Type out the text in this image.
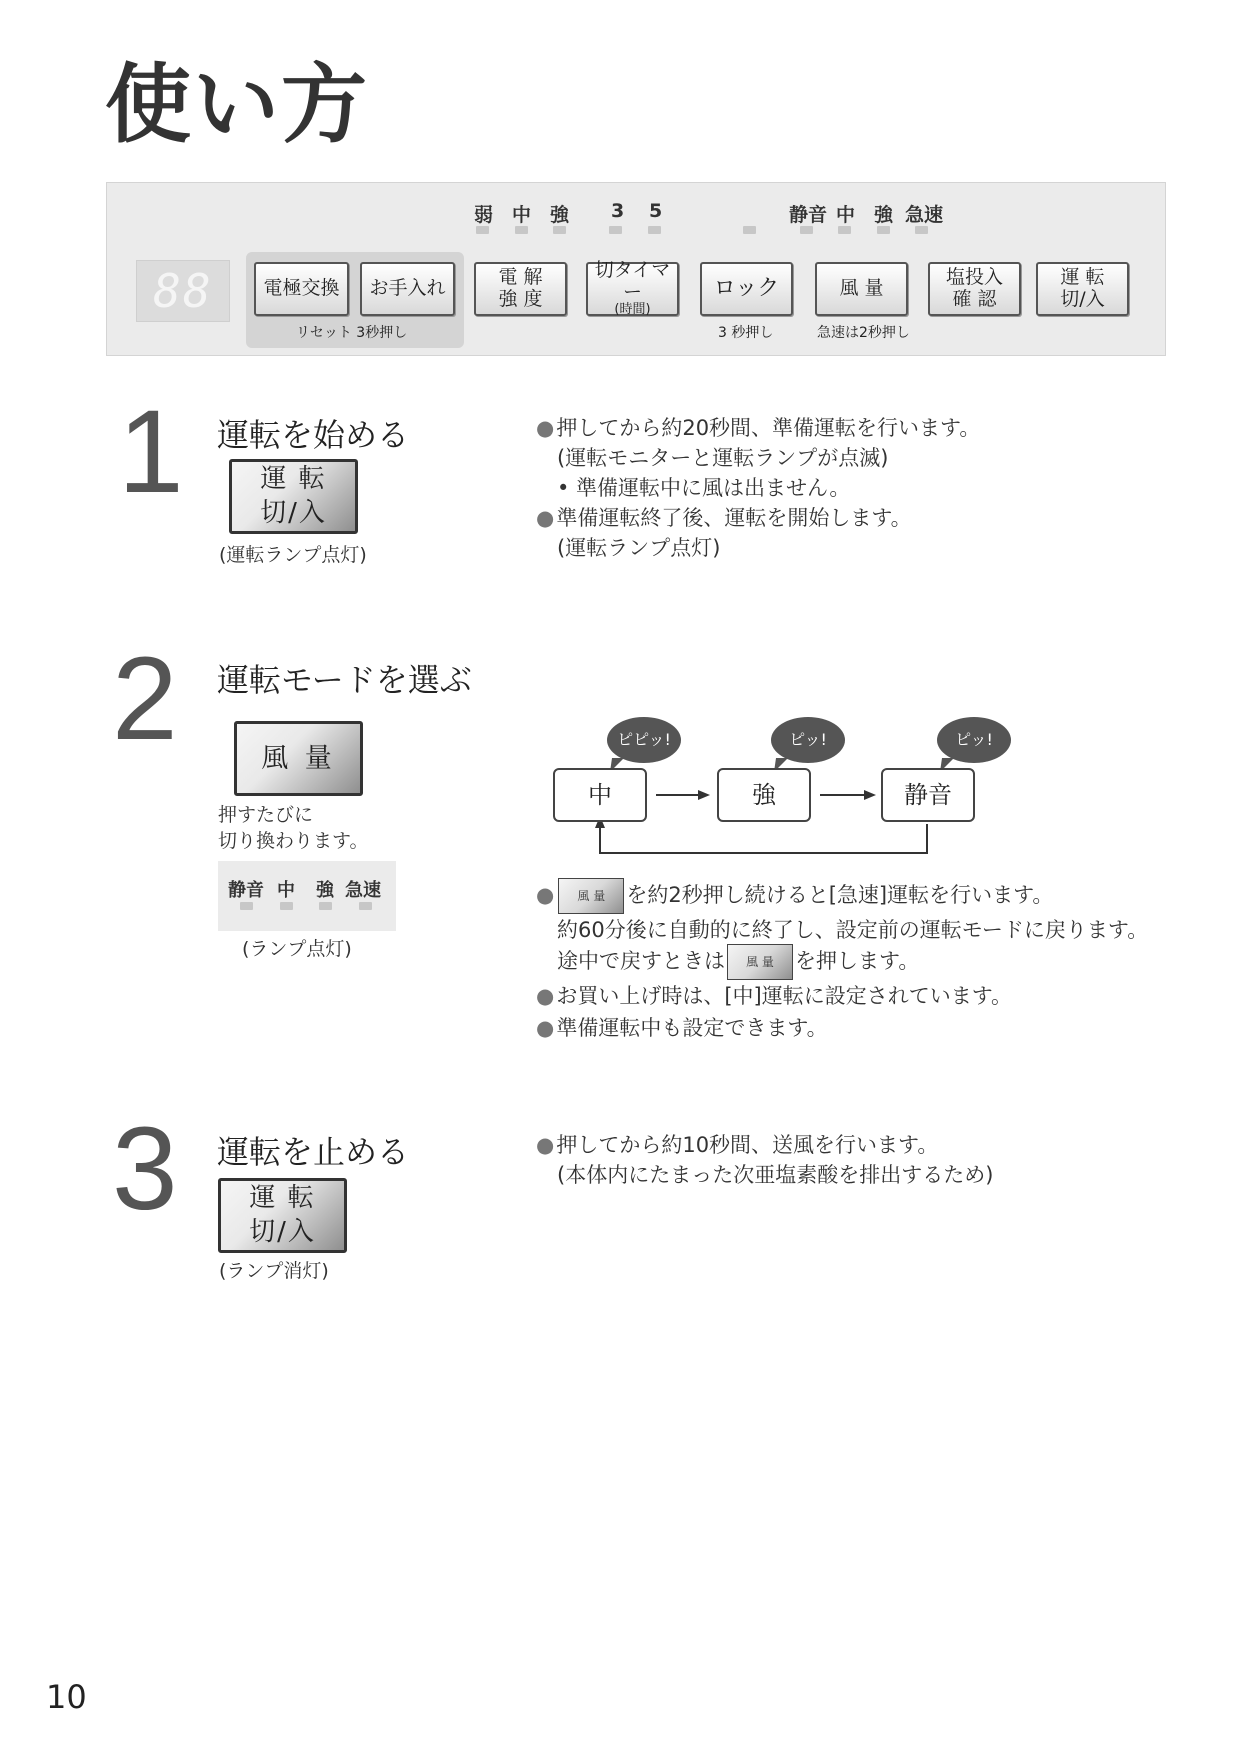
使い方
弱 中 強 3 5	静音 中 強 急速
88	電極交換 お手入れ	電 解
強 度
切タイマー
(時間)
ロック	風 量	塩投入
確 認
運 転
切/入
リセット 3秒押し	3 秒押し	急速は2秒押し
1 運転を始める
運 転
切/入
(運転ランプ点灯)
● 押してから約20秒間、準備運転を行います。
(運転モニターと運転ランプが点滅)
• 準備運転中に風は出ません。
● 準備運転終了後、運転を開始します。
(運転ランプ点灯)
2 運転モードを選ぶ
風 量
押すたびに
切り換わります。
静音 中 強 急速
(ランプ点灯)
ピピッ!	ピッ!	ピッ!
中	強	静音
● 風 量 を約2秒押し続けると[急速]運転を行います。
約60分後に自動的に終了し、設定前の運転モードに戻ります。
途中で戻すときは 風 量 を押します。
● お買い上げ時は、[中]運転に設定されています。
● 準備運転中も設定できます。
3 運転を止める
運 転
切/入
(ランプ消灯)
● 押してから約10秒間、送風を行います。
(本体内にたまった次亜塩素酸を排出するため)
10
